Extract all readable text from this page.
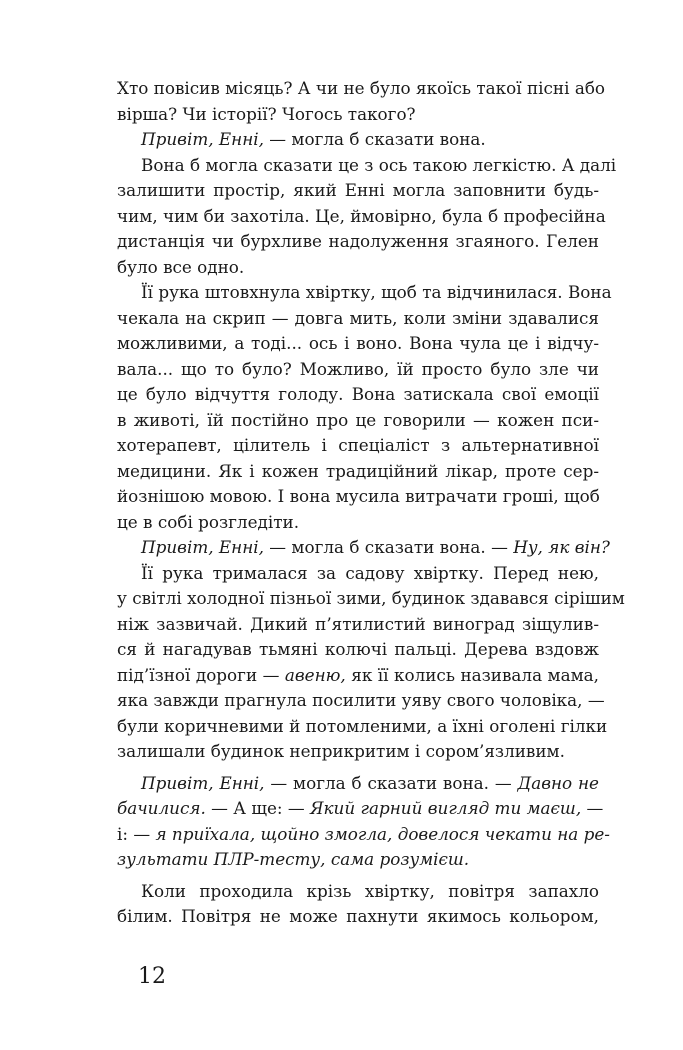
Хто повісив місяць? А чи не було якоїсь такої пісні або
вірша? Чи історії? Чогось такого?
Привіт, Енні, — могла б сказати вона.
Вона б могла сказати це з ось такою легкістю. А далі
залишити простір, який Енні могла заповнити будь-
чим, чим би захотіла. Це, ймовірно, була б професійна
дистанція чи бурхливе надолуження згаяного. Гелен
було все одно.
Її рука штовхнула хвіртку, щоб та відчинилася. Вона
чекала на скрип — довга мить, коли зміни здавалися
можливими, а тоді... ось і воно. Вона чула це і відчу-
вала... що то було? Можливо, їй просто було зле чи
це було відчуття голоду. Вона затискала свої емоції
в животі, їй постійно про це говорили — кожен пси-
хотерапевт, цілитель і спеціаліст з альтернативної
медицини. Як і кожен традиційний лікар, проте сер-
йознішою мовою. І вона мусила витрачати гроші, щоб
це в собі розгледіти.
Привіт, Енні, — могла б сказати вона. — Ну, як він?
Її рука трималася за садову хвіртку. Перед нею,
у світлі холодної пізньої зими, будинок здавався сірішим
ніж зазвичай. Дикий п’ятилистий виноград зіщулив-
ся й нагадував тьмяні колючі пальці. Дерева вздовж
під’їзної дороги — авеню, як її колись називала мама,
яка завжди прагнула посилити уяву свого чоловіка, —
були коричневими й потомленими, а їхні оголені гілки
залишали будинок неприкритим і сором’язливим.
Привіт, Енні, — могла б сказати вона. — Давно не
бачилися. — А ще: — Який гарний вигляд ти маєш, —
і: — я приїхала, щойно змогла, довелося чекати на ре-
зультати ПЛР-тесту, сама розумієш.
Коли проходила крізь хвіртку, повітря запахло
білим. Повітря не може пахнути якимось кольором,
12
